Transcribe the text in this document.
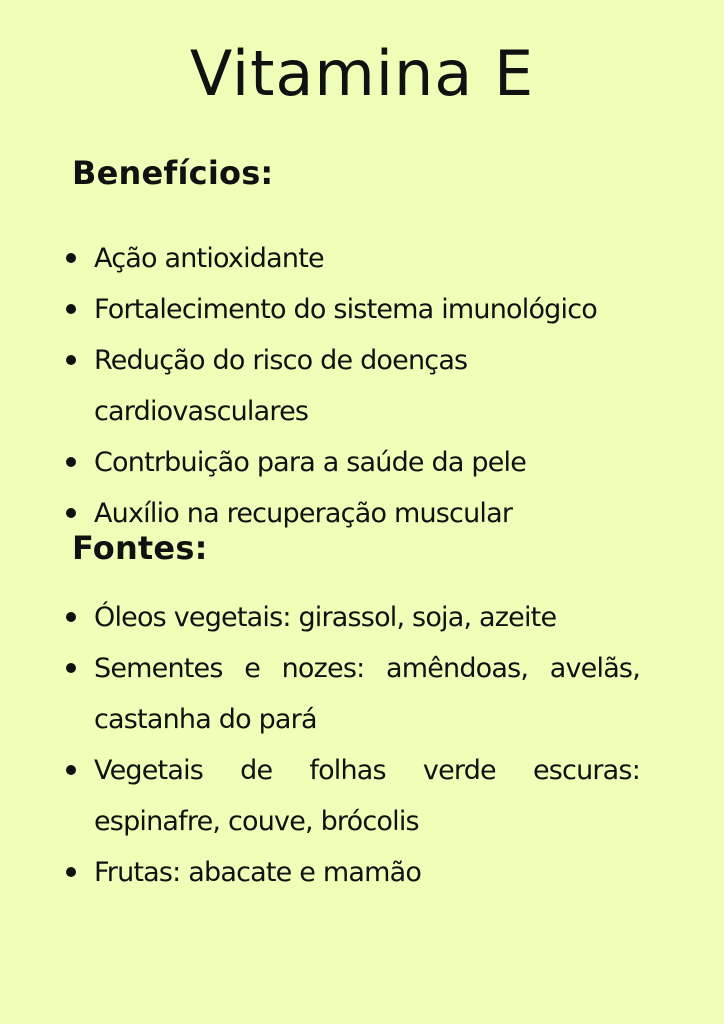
Vitamina E
Benefícios:
Ação antioxidante
Fortalecimento do sistema imunológico
Redução do risco de doenças cardiovasculares
Contrbuição para a saúde da pele
Auxílio na recuperação muscular
Fontes:
Óleos vegetais: girassol, soja, azeite
Sementes e nozes: amêndoas, avelãs, castanha do pará
Vegetais de folhas verde escuras: espinafre, couve, brócolis
Frutas: abacate e mamão
